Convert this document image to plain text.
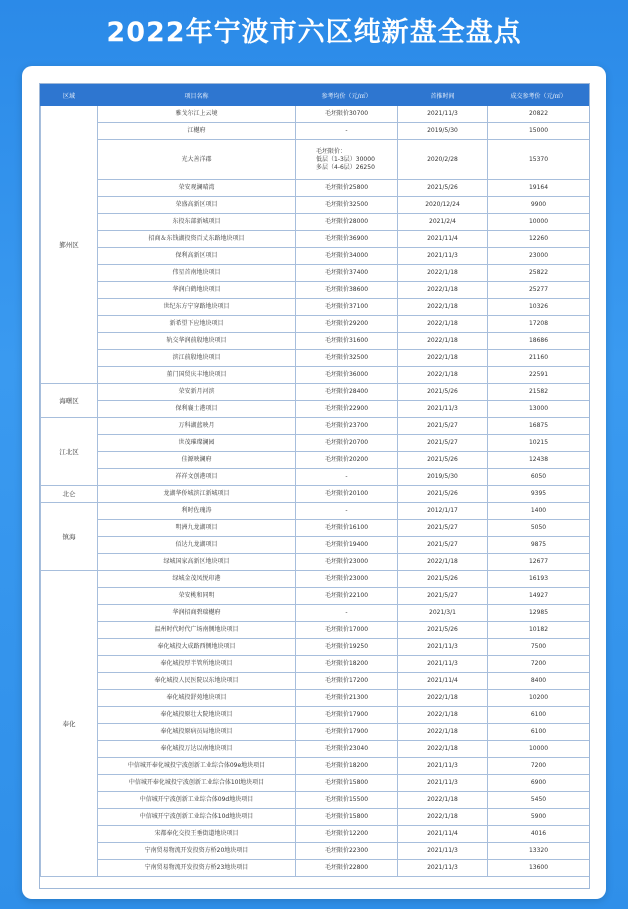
2022年宁波市六区纯新盘全盘点
区域	项目名称	参考均价（元/㎡）	首推时间	成交参考价（元/㎡）
鄞州区	雅戈尔江上云境	毛坯限价30700	2021/11/3	20822
	江樾府	-	2019/5/30	15000
	光大善洋郡	毛坯限价：
低层（1-3层）30000
多层（4-6层）26250	2020/2/28	15370
	荣安观澜晴湾	毛坯限价25800	2021/5/26	19164
	荣盛高新区项目	毛坯限价32500	2020/12/24	9900
	东投东部新城项目	毛坯限价28000	2021/2/4	10000
	招商＆东钱湖投资百丈东路地块项目	毛坯限价36900	2021/11/4	12260
	保利高新区项目	毛坯限价34000	2021/11/3	23000
	伟星首南地块项目	毛坯限价37400	2022/1/18	25822
	华润白鹤地块项目	毛坯限价38600	2022/1/18	25277
	世纪东方宁穿路地块项目	毛坯限价37100	2022/1/18	10326
	新希望下应地块项目	毛坯限价29200	2022/1/18	17208
	轨交华润前殷地块项目	毛坯限价31600	2022/1/18	18686
	滨江前殷地块项目	毛坯限价32500	2022/1/18	21160
	董门国贸庆丰地块项目	毛坯限价36000	2022/1/18	22591
海曙区	荣安新月河滨	毛坯限价28400	2021/5/26	21582
	保利襄士港项目	毛坯限价22900	2021/11/3	13000
江北区	万科湖蓝映月	毛坯限价23700	2021/5/27	16875
	世茂璀璨澜园	毛坯限价20700	2021/5/27	10215
	佳源映澜府	毛坯限价20200	2021/5/26	12438
	祥祥文创港项目	-	2019/5/30	6050
北仑	龙湖华侨城滨江新城项目	毛坯限价20100	2021/5/26	9395
镇海	利时佐瑰涛	-	2012/1/17	1400
	明洲九龙湖项目	毛坯限价16100	2021/5/27	5050
	佰达九龙湖项目	毛坯限价19400	2021/5/27	9875
	绿城国家高新区地块项目	毛坯限价23000	2022/1/18	12677
奉化	绿城金茂凤悦印港	毛坯限价23000	2021/5/26	16193
	荣安桃和同明	毛坯限价22100	2021/5/27	14927
	华润招商碧瑞樾府	-	2021/3/1	12985
	温州时代时代广场南侧地块项目	毛坯限价17000	2021/5/26	10182
	奉化城投大成路西侧地块项目	毛坯限价19250	2021/11/3	7500
	奉化城投厚半管所地块项目	毛坯限价18200	2021/11/3	7200
	奉化城投人民医院以东地块项目	毛坯限价17200	2021/11/4	8400
	奉化城投舒苑地块项目	毛坯限价21300	2022/1/18	10200
	奉化城投原壮大院地块项目	毛坯限价17900	2022/1/18	6100
	奉化城投原病员局地块项目	毛坯限价17900	2022/1/18	6100
	奉化城投万达以南地块项目	毛坯限价23040	2022/1/18	10000
	中信城开奉化城投宁波创新工业综合体09e地块项目	毛坯限价18200	2021/11/3	7200
	中信城开奉化城投宁波创新工业综合体10l地块项目	毛坯限价15800	2021/11/3	6900
	中信城开宁波创新工业综合体09d地块项目	毛坯限价15500	2022/1/18	5450
	中信城开宁波创新工业综合体10d地块项目	毛坯限价15800	2022/1/18	5900
	宋都奉化交投王垂街道地块项目	毛坯限价12200	2021/11/4	4016
	宁南贸易物流开发投资方桥20地块项目	毛坯限价22300	2021/11/3	13320
	宁南贸易物流开发投资方桥23地块项目	毛坯限价22800	2021/11/3	13600
